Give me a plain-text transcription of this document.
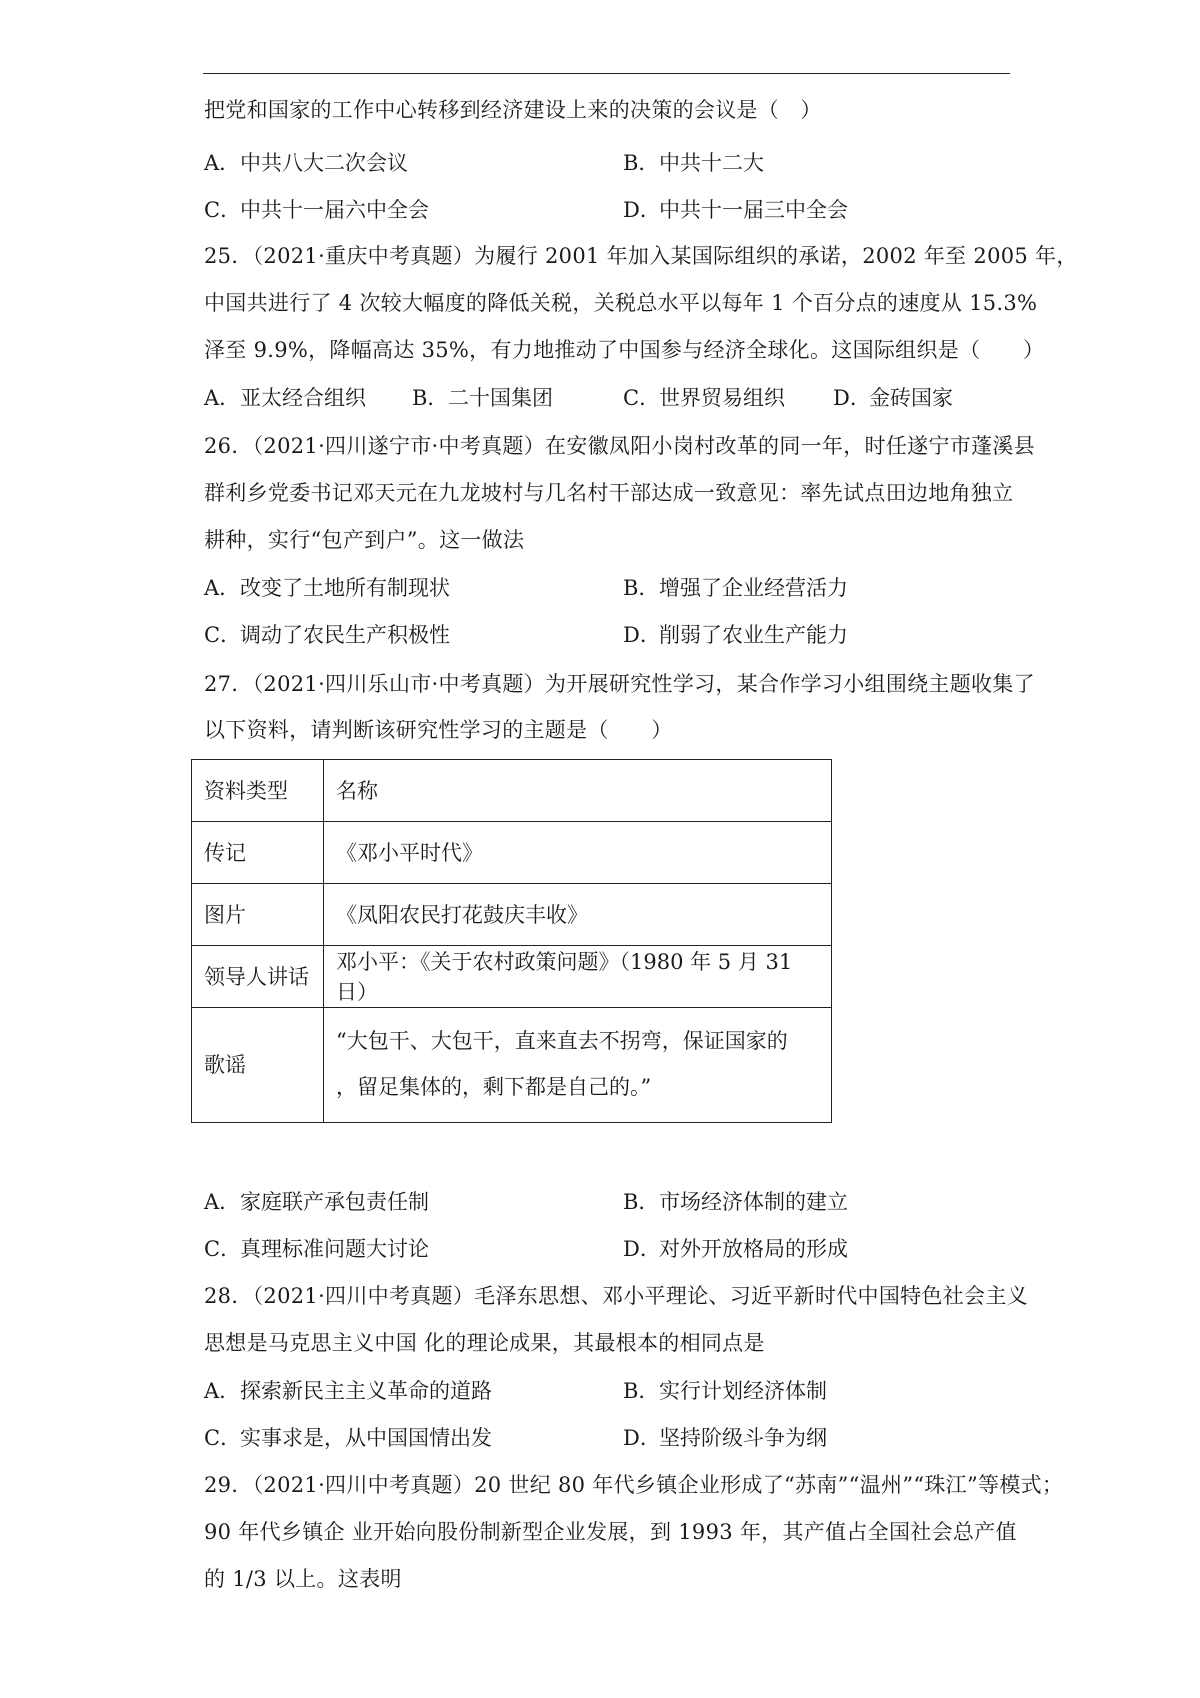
把党和国家的工作中心转移到经济建设上来的决策的会议是（　）
A．中共八大二次会议	B．中共十二大
C．中共十一届六中全会	D．中共十一届三中全会
25．（2021·重庆中考真题）为履行 2001 年加入某国际组织的承诺，2002 年至 2005 年，
中国共进行了 4 次较大幅度的降低关税，关税总水平以每年 1 个百分点的速度从 15.3%
泽至 9.9%，降幅高达 35%，有力地推动了中国参与经济全球化。这国际组织是（　　）
A．亚太经合组织 B．二十国集团	C．世界贸易组织 D．金砖国家
26．（2021·四川遂宁市·中考真题）在安徽凤阳小岗村改革的同一年，时任遂宁市蓬溪县
群利乡党委书记邓天元在九龙坡村与几名村干部达成一致意见：率先试点田边地角独立
耕种，实行“包产到户”。这一做法
A．改变了土地所有制现状	B．增强了企业经营活力
C．调动了农民生产积极性	D．削弱了农业生产能力
27．（2021·四川乐山市·中考真题）为开展研究性学习，某合作学习小组围绕主题收集了
以下资料，请判断该研究性学习的主题是（　　）
资料类型	名称
传记	《邓小平时代》
图片	《凤阳农民打花鼓庆丰收》
领导人讲话	邓小平：《关于农村政策问题》（1980 年 5 月 31 日）
歌谣	“大包干、大包干，直来直去不拐弯，保证国家的
，留足集体的，剩下都是自己的。”
A．家庭联产承包责任制	B．市场经济体制的建立
C．真理标准问题大讨论	D．对外开放格局的形成
28．（2021·四川中考真题）毛泽东思想、邓小平理论、习近平新时代中国特色社会主义
思想是马克思主义中国 化的理论成果，其最根本的相同点是
A．探索新民主主义革命的道路	B．实行计划经济体制
C．实事求是，从中国国情出发	D．坚持阶级斗争为纲
29．（2021·四川中考真题）20 世纪 80 年代乡镇企业形成了“苏南”“温州”“珠江”等模式；
90 年代乡镇企 业开始向股份制新型企业发展，到 1993 年，其产值占全国社会总产值
的 1/3 以上。这表明
